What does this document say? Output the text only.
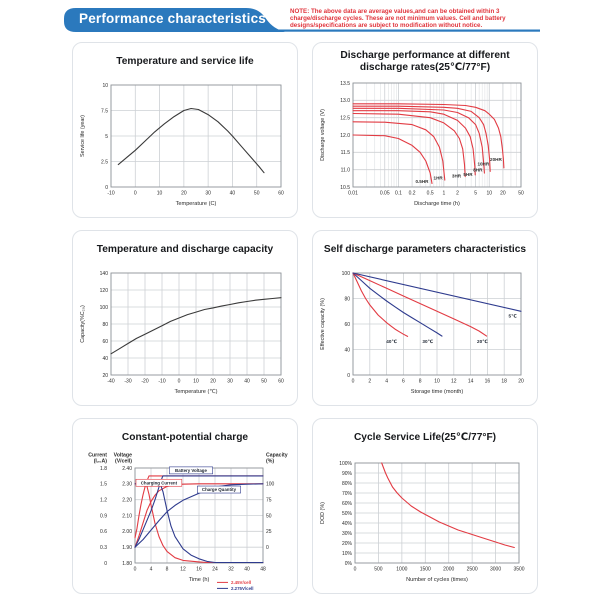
Performance characteristics	NOTE: The above data are average values,and can be obtained within 3 charge/discharge cycles. These are not minimum values. Cell and battery designs/specifications are subject to modification without notice.
Temperature and service life
-10	0	10	20	30	40	50	60
Temperature (C)
0
2.5
5
7.5
10
Service life (year)
Discharge performance at different discharge rates(25℃/77°F)
0.01	0.05 0.1 0.2 0.5 1 2	5 10 20	50
Discharge time (h)
10.5
11.0
11.5
12.0
12.5
13.0
13.5
Discharge voltage (V)
0.5HR
1HR 3HR 5HR
8HR
10HR
20HR
Temperature and discharge capacity
-40 -30 -20 -10 0	10 20 30 40 50 60
Temperature (℃)
20
40
60
80
100
120
140
Capacity(%C₂₀)
Self discharge parameters characteristics
0	2	4	6	8	10 12 14 16 18 20
Storage time (month)
0
40
60
80
100
Effective capacity (%)	40℃	30℃	20℃
5℃
Constant-potential charge
0	4	8 12 16 24 32 40 48
Time (h)
0
0.3
0.6
0.9
1.2
1.5
1.8
Current
(I₂₀A)
1.80
1.90
2.00
2.10
2.20
2.30
2.40
Voltage
(V/cell)
0
25
50
75
100
Capacity
(%)
Charging Current
Battery Voltage
Charge Quantity
2.45V/cell
2.275V/cell
Cycle Service Life(25℃/77°F)
0	500	1000 1500 2000 2500 3000 3500
Number of cycles (times)
0%
10%
20%
30%
40%
50%
60%
70%
80%
90%
100%
DOD (%)
